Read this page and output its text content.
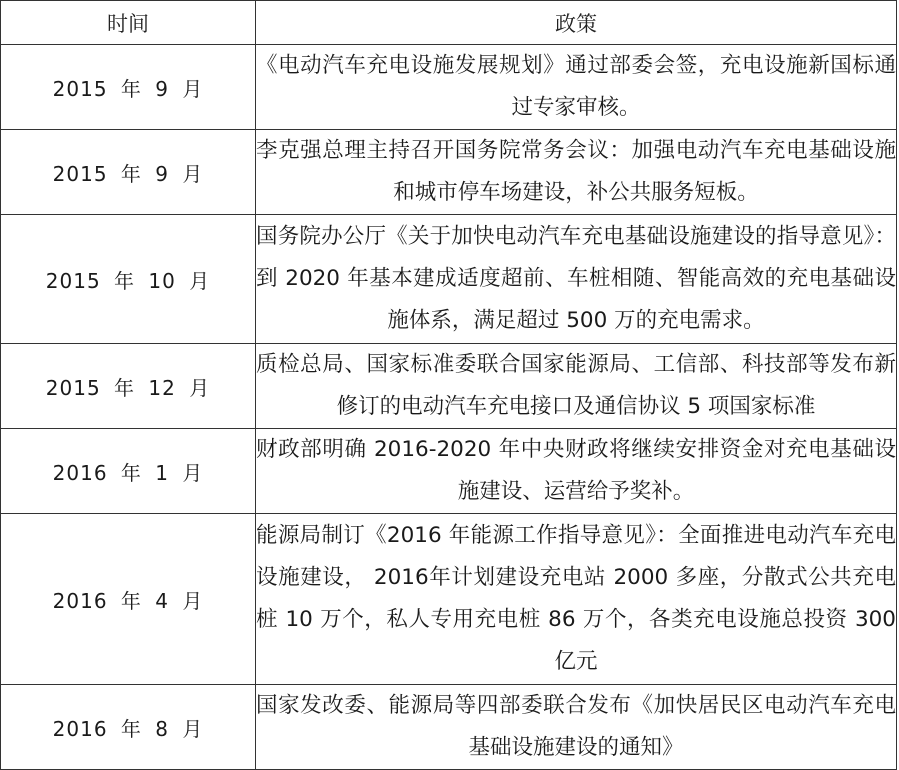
时间	政策
2015 年 9 月	《电动汽车充电设施发展规划》通过部委会签，充电设施新国标通过专家审核。
2015 年 9 月	李克强总理主持召开国务院常务会议：加强电动汽车充电基础设施和城市停车场建设，补公共服务短板。
2015 年 10 月	国务院办公厅《关于加快电动汽车充电基础设施建设的指导意见》：到 2020 年基本建成适度超前、车桩相随、智能高效的充电基础设施体系，满足超过 500 万的充电需求。
2015 年 12 月	质检总局、国家标准委联合国家能源局、工信部、科技部等发布新修订的电动汽车充电接口及通信协议 5 项国家标准
2016 年 1 月	财政部明确 2016-2020 年中央财政将继续安排资金对充电基础设施建设、运营给予奖补。
2016 年 4 月	能源局制订《2016 年能源工作指导意见》：全面推进电动汽车充电设施建设， 2016年计划建设充电站 2000 多座，分散式公共充电桩 10 万个，私人专用充电桩 86 万个，各类充电设施总投资 300 亿元
2016 年 8 月	国家发改委、能源局等四部委联合发布《加快居民区电动汽车充电基础设施建设的通知》
